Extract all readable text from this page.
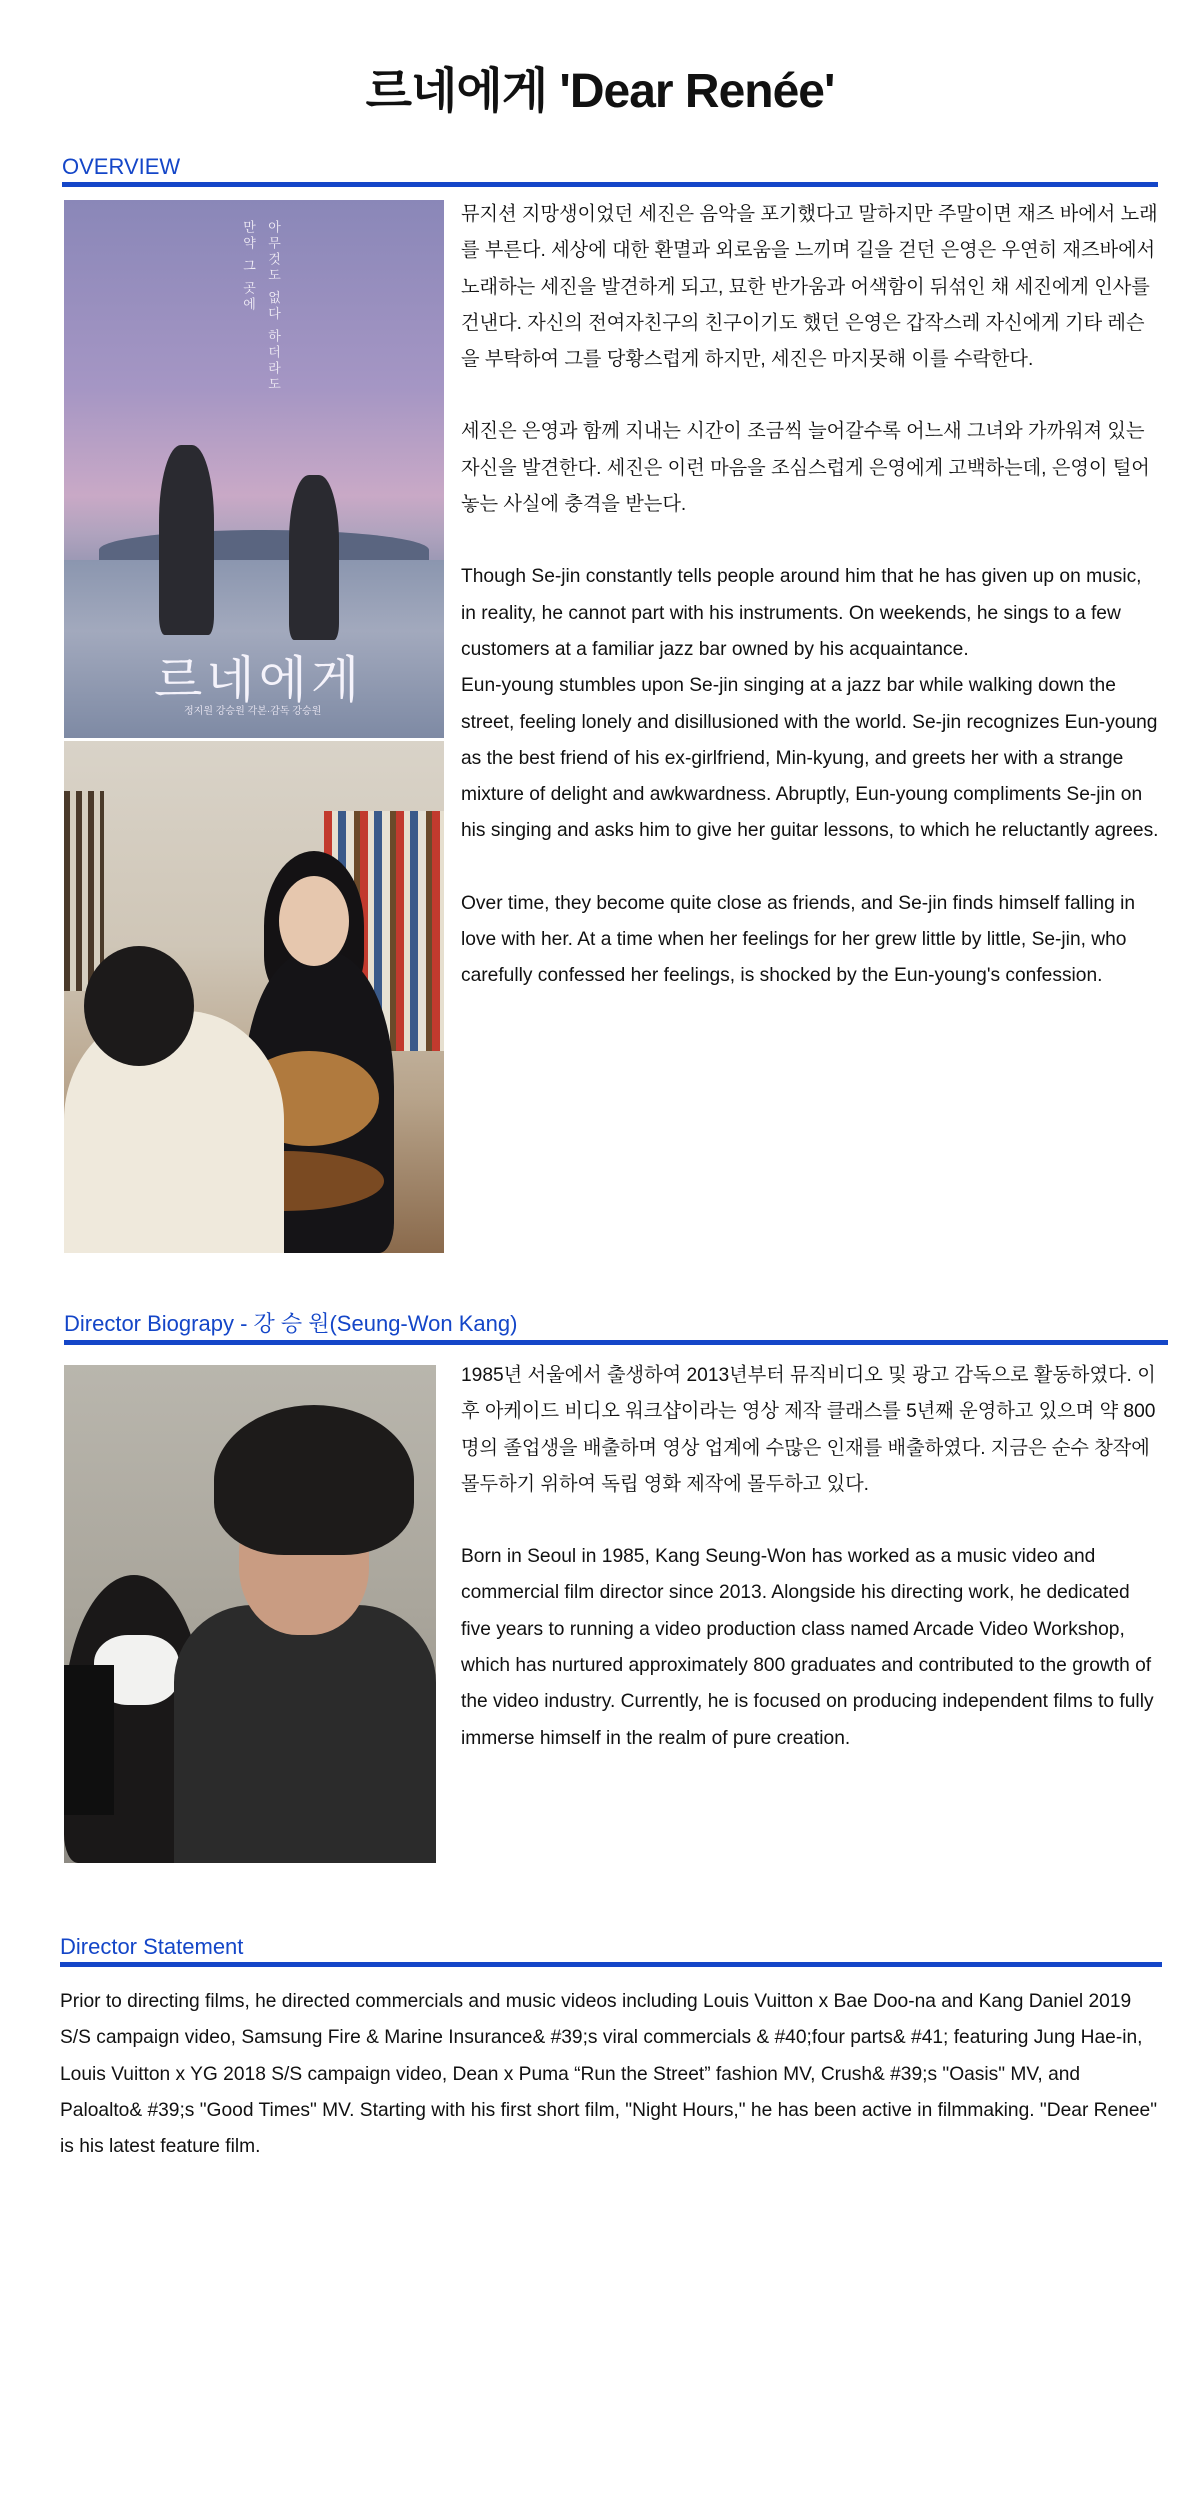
르네에게 'Dear Renée'
OVERVIEW
만약 그 곳에 아무것도 없다 하더라도
르네에게
정지원 강승원 각본·감독 강승원

뮤지션 지망생이었던 세진은 음악을 포기했다고 말하지만 주말이면 재즈 바에서 노래를 부른다. 세상에 대한 환멸과 외로움을 느끼며 길을 걷던 은영은 우연히 재즈바에서 노래하는 세진을 발견하게 되고, 묘한 반가움과 어색함이 뒤섞인 채 세진에게 인사를 건낸다. 자신의 전여자친구의 친구이기도 했던 은영은 갑작스레 자신에게 기타 레슨을 부탁하여 그를 당황스럽게 하지만, 세진은 마지못해 이를 수락한다.

세진은 은영과 함께 지내는 시간이 조금씩 늘어갈수록 어느새 그녀와 가까워져 있는 자신을 발견한다. 세진은 이런 마음을 조심스럽게 은영에게 고백하는데, 은영이 털어놓는 사실에 충격을 받는다.

Though Se-jin constantly tells people around him that he has given up on music, in reality, he cannot part with his instruments. On weekends, he sings to a few customers at a familiar jazz bar owned by his acquaintance.
Eun-young stumbles upon Se-jin singing at a jazz bar while walking down the street, feeling lonely and disillusioned with the world. Se-jin recognizes Eun-young as the best friend of his ex-girlfriend, Min-kyung, and greets her with a strange mixture of delight and awkwardness. Abruptly, Eun-young compliments Se-jin on his singing and asks him to give her guitar lessons, to which he reluctantly agrees.

Over time, they become quite close as friends, and Se-jin finds himself falling in love with her. At a time when her feelings for her grew little by little, Se-jin, who carefully confessed her feelings, is shocked by the Eun-young's confession.

Director Biograpy - 강 승 원(Seung-Won Kang)

1985년 서울에서 출생하여 2013년부터 뮤직비디오 및 광고 감독으로 활동하였다. 이후 아케이드 비디오 워크샵이라는 영상 제작 클래스를 5년째 운영하고 있으며 약 800명의 졸업생을 배출하며 영상 업계에 수많은 인재를 배출하였다. 지금은 순수 창작에 몰두하기 위하여 독립 영화 제작에 몰두하고 있다.

Born in Seoul in 1985, Kang Seung-Won has worked as a music video and commercial film director since 2013. Alongside his directing work, he dedicated five years to running a video production class named Arcade Video Workshop, which has nurtured approximately 800 graduates and contributed to the growth of the video industry. Currently, he is focused on producing independent films to fully immerse himself in the realm of pure creation.

Director Statement

Prior to directing films, he directed commercials and music videos including Louis Vuitton x Bae Doo-na and Kang Daniel 2019 S/S campaign video, Samsung Fire & Marine Insurance& #39;s viral commercials & #40;four parts& #41; featuring Jung Hae-in, Louis Vuitton x YG 2018 S/S campaign video, Dean x Puma “Run the Street” fashion MV, Crush& #39;s "Oasis" MV, and Paloalto& #39;s "Good Times" MV. Starting with his first short film, "Night Hours," he has been active in filmmaking. "Dear Renee" is his latest feature film.
